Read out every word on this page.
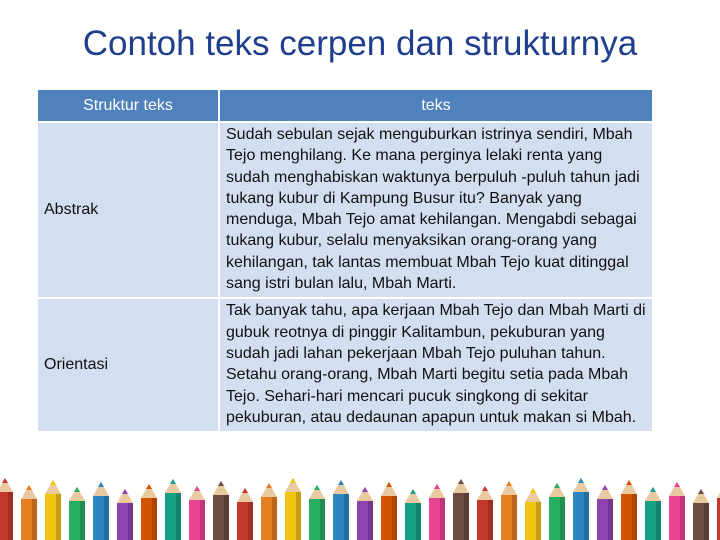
Contoh teks cerpen dan strukturnya
Struktur teks	teks
Abstrak	Sudah sebulan sejak menguburkan istrinya sendiri, Mbah Tejo menghilang. Ke mana perginya lelaki renta yang sudah menghabiskan waktunya berpuluh -puluh tahun jadi tukang kubur di Kampung Busur itu? Banyak yang menduga, Mbah Tejo amat kehilangan. Mengabdi sebagai tukang kubur, selalu menyaksikan orang-orang yang kehilangan, tak lantas membuat Mbah Tejo kuat ditinggal sang istri bulan lalu, Mbah Marti.
Orientasi	Tak banyak tahu, apa kerjaan Mbah Tejo dan Mbah Marti di gubuk reotnya di pinggir Kalitambun, pekuburan yang sudah jadi lahan pekerjaan Mbah Tejo puluhan tahun. Setahu orang-orang, Mbah Marti begitu setia pada Mbah Tejo. Sehari-hari mencari pucuk singkong di sekitar pekuburan, atau dedaunan apapun untuk makan si Mbah.
